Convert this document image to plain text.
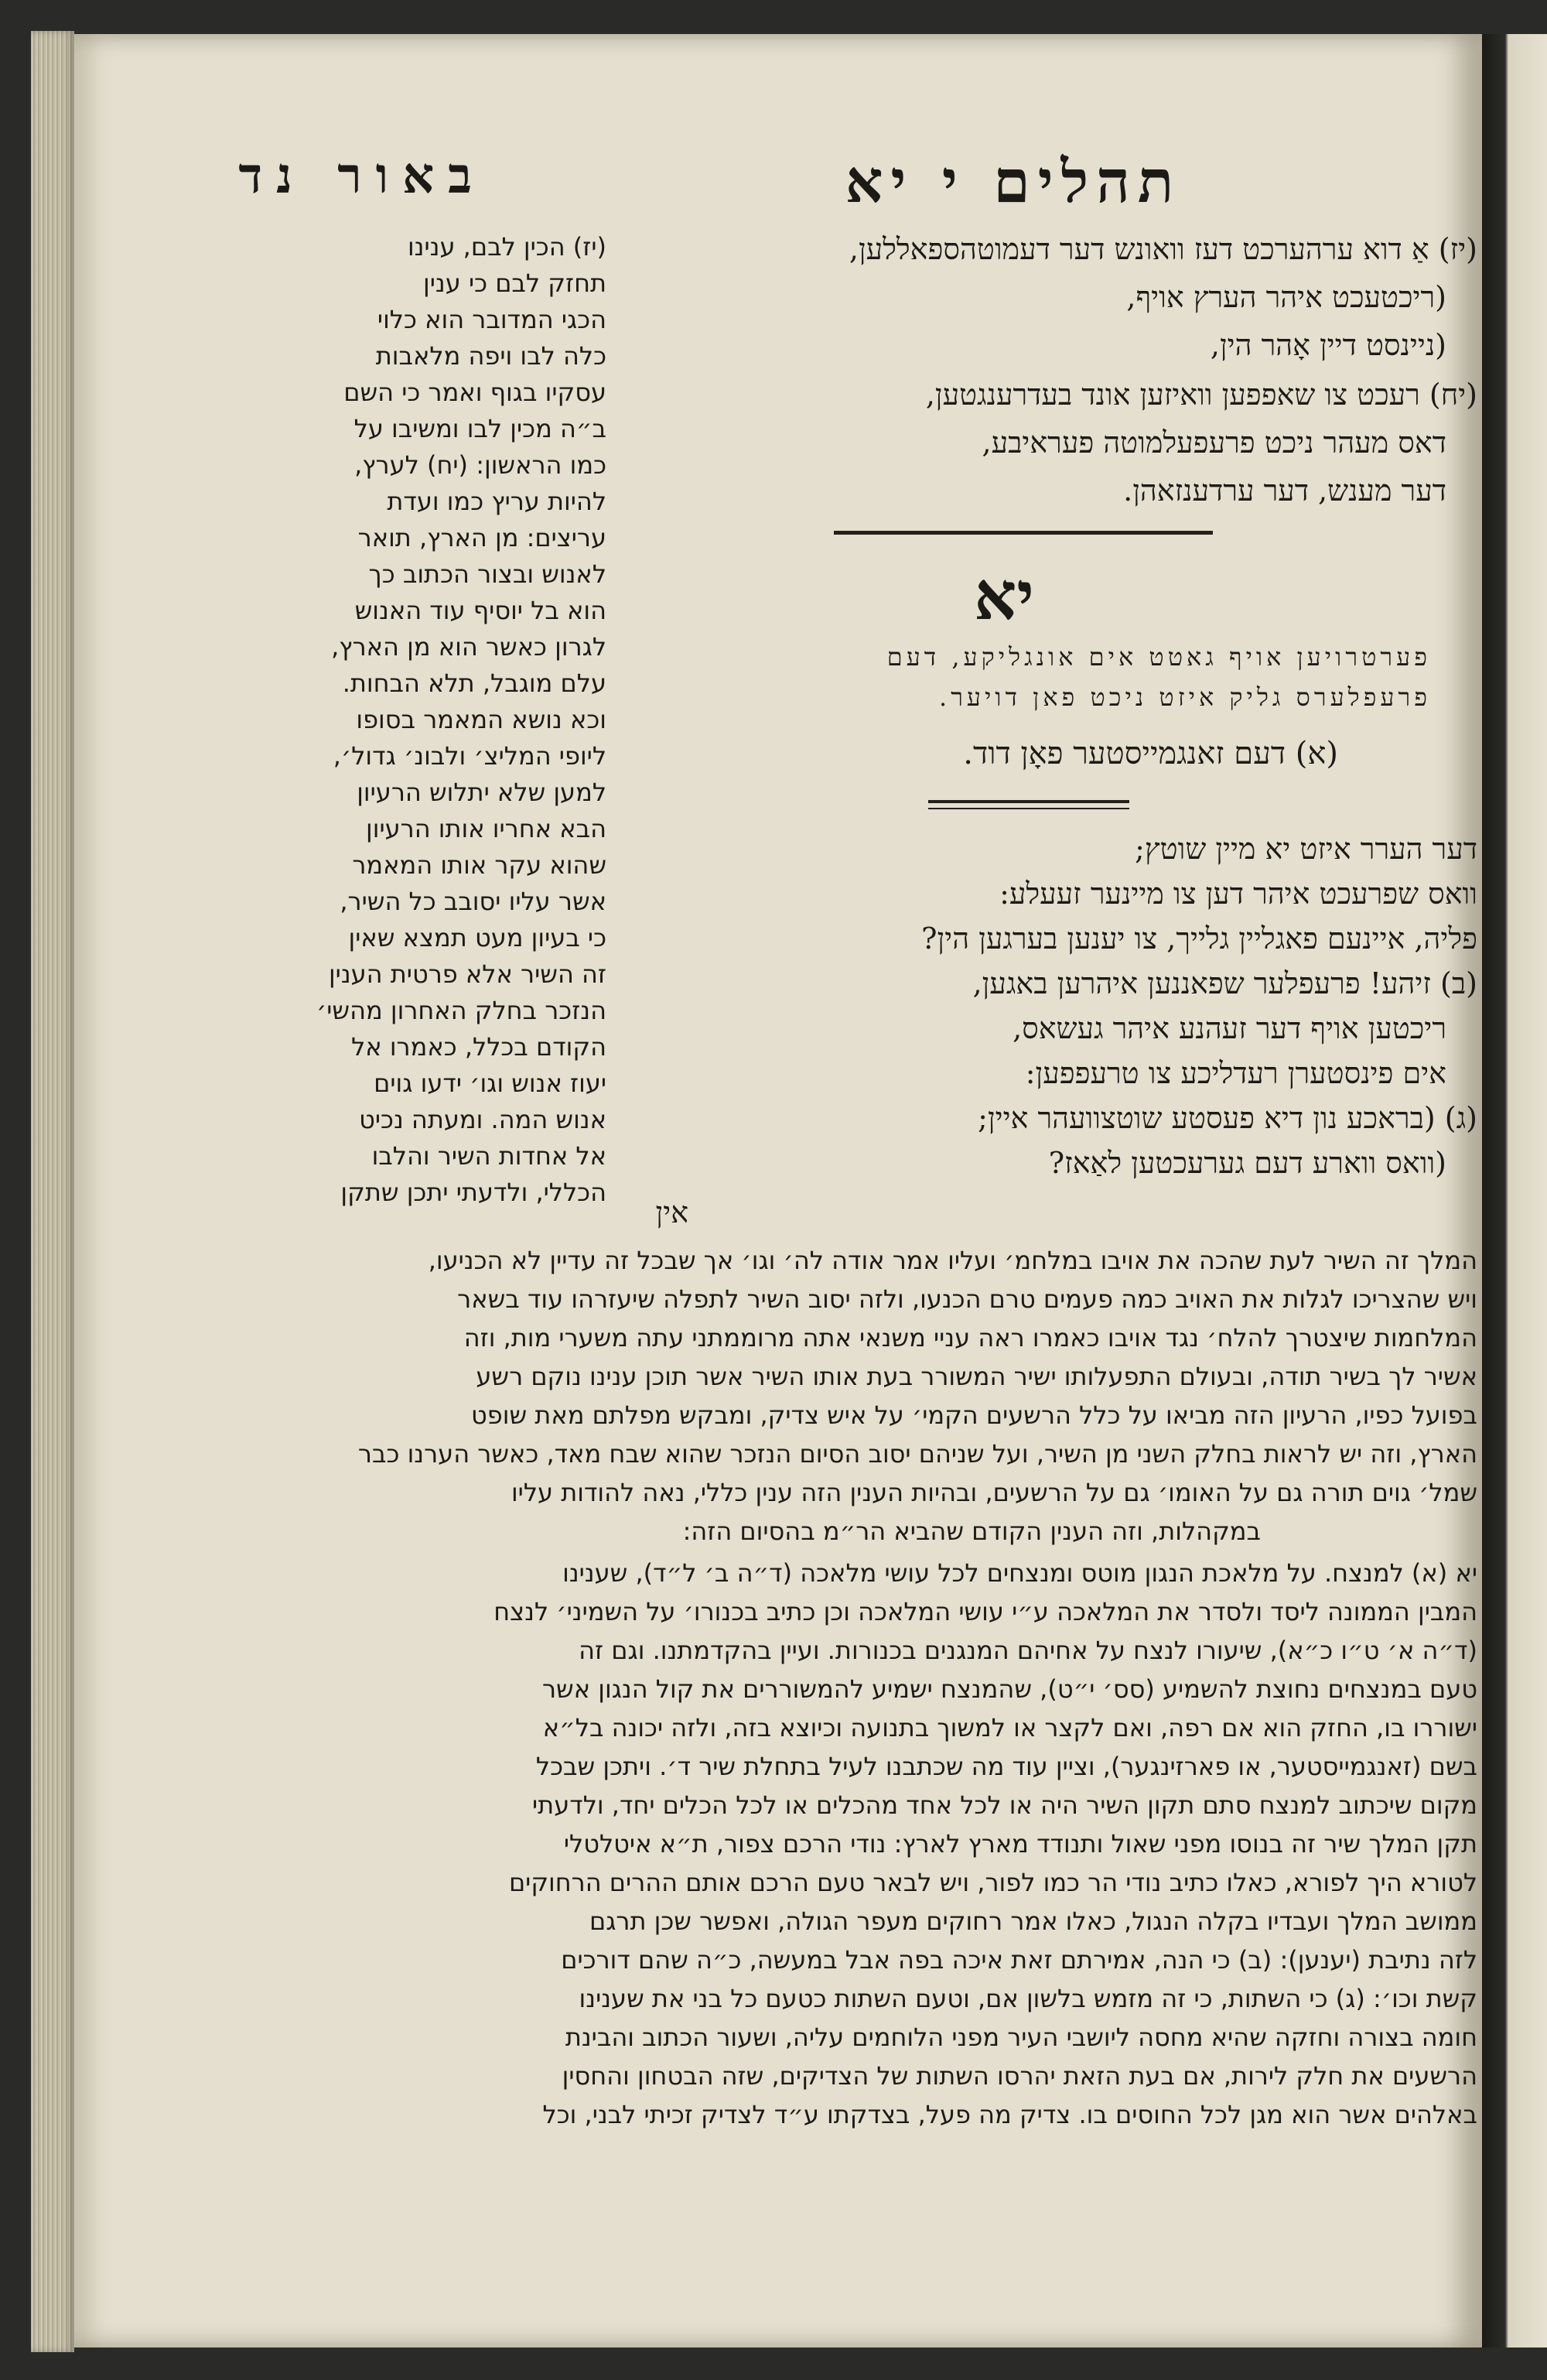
תהלים י יא
באור נד
(יז) אַ דוא ערהערכט דעז וואונש דער דעמוטהספאללען,
(ריכטעכט איהר הערץ אויף,
(ניינסט דיין אָהר הין,
(יח) רעכט צו שאפפען וואיזען אונד בעדרענגטען,
דאס מעהר ניכט פרעפעלמוטה פעראיבע,
דער מענש, דער ערדענזאהן.
יא
פערטרויען אויף גאטט אים אונגליקע, דעם
פרעפלערס גליק איזט ניכט פאן דויער.
(א) דעם זאנגמייסטער פאָן דוד.
דער הערר איזט יא מיין שוטץ;
וואס שפרעכט איהר דען צו מיינער זעעלע:
פליה, איינעם פאגליין גלייך, צו יענען בערגען הין?
(ב) זיהע! פרעפלער שפאננען איהרען באגען,
ריכטען אויף דער זעהנע איהר געשאס,
אים פינסטערן רעדליכע צו טרעפפען:
(ג) (בראכע נון דיא פעסטע שוטצוועהר איין;
(וואס ווארע דעם גערעכטען לאַאז?
אין
(יז) הכין לבם, ענינו
תחזק לבם כי ענין
הכגי המדובר הוא כלוי
כלה לבו ויפה מלאבות
עסקיו בגוף ואמר כי השם
ב״ה מכין לבו ומשיבו על
כמו הראשון: (יח) לערץ,
להיות עריץ כמו ועדת
עריצים: מן הארץ, תואר
לאנוש ובצור הכתוב כך
הוא בל יוסיף עוד האנוש
לגרון כאשר הוא מן הארץ,
עלם מוגבל, תלא הבחות.
וכא נושא המאמר בסופו
ליופי המליצ׳ ולבונ׳ גדול׳,
למען שלא יתלוש הרעיון
הבא אחריו אותו הרעיון
שהוא עקר אותו המאמר
אשר עליו יסובב כל השיר,
כי בעיון מעט תמצא שאין
זה השיר אלא פרטית הענין
הנזכר בחלק האחרון מהשי׳
הקודם בכלל, כאמרו אל
יעוז אנוש וגו׳ ידעו גוים
אנוש המה. ומעתה נכיט
אל אחדות השיר והלבו
הכללי, ולדעתי יתכן שתקן
המלך זה השיר לעת שהכה את אויבו במלחמ׳ ועליו אמר אודה לה׳ וגו׳ אך שבכל זה עדיין לא הכניעו,
ויש שהצריכו לגלות את האויב כמה פעמים טרם הכנעו, ולזה יסוב השיר לתפלה שיעזרהו עוד בשאר
המלחמות שיצטרך להלח׳ נגד אויבו כאמרו ראה עניי משנאי אתה מרוממתני עתה משערי מות, וזה
אשיר לך בשיר תודה, ובעולם התפעלותו ישיר המשורר בעת אותו השיר אשר תוכן ענינו נוקם רשע
בפועל כפיו, הרעיון הזה מביאו על כלל הרשעים הקמי׳ על איש צדיק, ומבקש מפלתם מאת שופט
הארץ, וזה יש לראות בחלק השני מן השיר, ועל שניהם יסוב הסיום הנזכר שהוא שבח מאד, כאשר הערנו כבר
שמל׳ גוים תורה גם על האומו׳ גם על הרשעים, ובהיות הענין הזה ענין כללי, נאה להודות עליו
במקהלות, וזה הענין הקודם שהביא הר״מ בהסיום הזה:
יא (א) למנצח. על מלאכת הנגון מוטס ומנצחים לכל עושי מלאכה (ד״ה ב׳ ל״ד), שענינו
המבין הממונה ליסד ולסדר את המלאכה ע״י עושי המלאכה וכן כתיב בכנורו׳ על השמיני׳ לנצח
(ד״ה א׳ ט״ו כ״א), שיעורו לנצח על אחיהם המנגנים בכנורות. ועיין בהקדמתנו. וגם זה
טעם במנצחים נחוצת להשמיע (סס׳ י״ט), שהמנצח ישמיע להמשוררים את קול הנגון אשר
ישוררו בו, החזק הוא אם רפה, ואם לקצר או למשוך בתנועה וכיוצא בזה, ולזה יכונה בל״א
בשם (זאנגמייסטער, או פארזינגער), וציין עוד מה שכתבנו לעיל בתחלת שיר ד׳. ויתכן שבכל
מקום שיכתוב למנצח סתם תקון השיר היה או לכל אחד מהכלים או לכל הכלים יחד, ולדעתי
תקן המלך שיר זה בנוסו מפני שאול ותנודד מארץ לארץ: נודי הרכם צפור, ת״א איטלטלי
לטורא היך לפורא, כאלו כתיב נודי הר כמו לפור, ויש לבאר טעם הרכם אותם ההרים הרחוקים
ממושב המלך ועבדיו בקלה הנגול, כאלו אמר רחוקים מעפר הגולה, ואפשר שכן תרגם
לזה נתיבת (יענען): (ב) כי הנה, אמירתם זאת איכה בפה אבל במעשה, כ״ה שהם דורכים
קשת וכו׳: (ג) כי השתות, כי זה מזמש בלשון אם, וטעם השתות כטעם כל בני את שענינו
חומה בצורה וחזקה שהיא מחסה ליושבי העיר מפני הלוחמים עליה, ושעור הכתוב והבינת
הרשעים את חלק לירות, אם בעת הזאת יהרסו השתות של הצדיקים, שזה הבטחון והחסין
באלהים אשר הוא מגן לכל החוסים בו. צדיק מה פעל, בצדקתו ע״ד לצדיק זכיתי לבני, וכל
